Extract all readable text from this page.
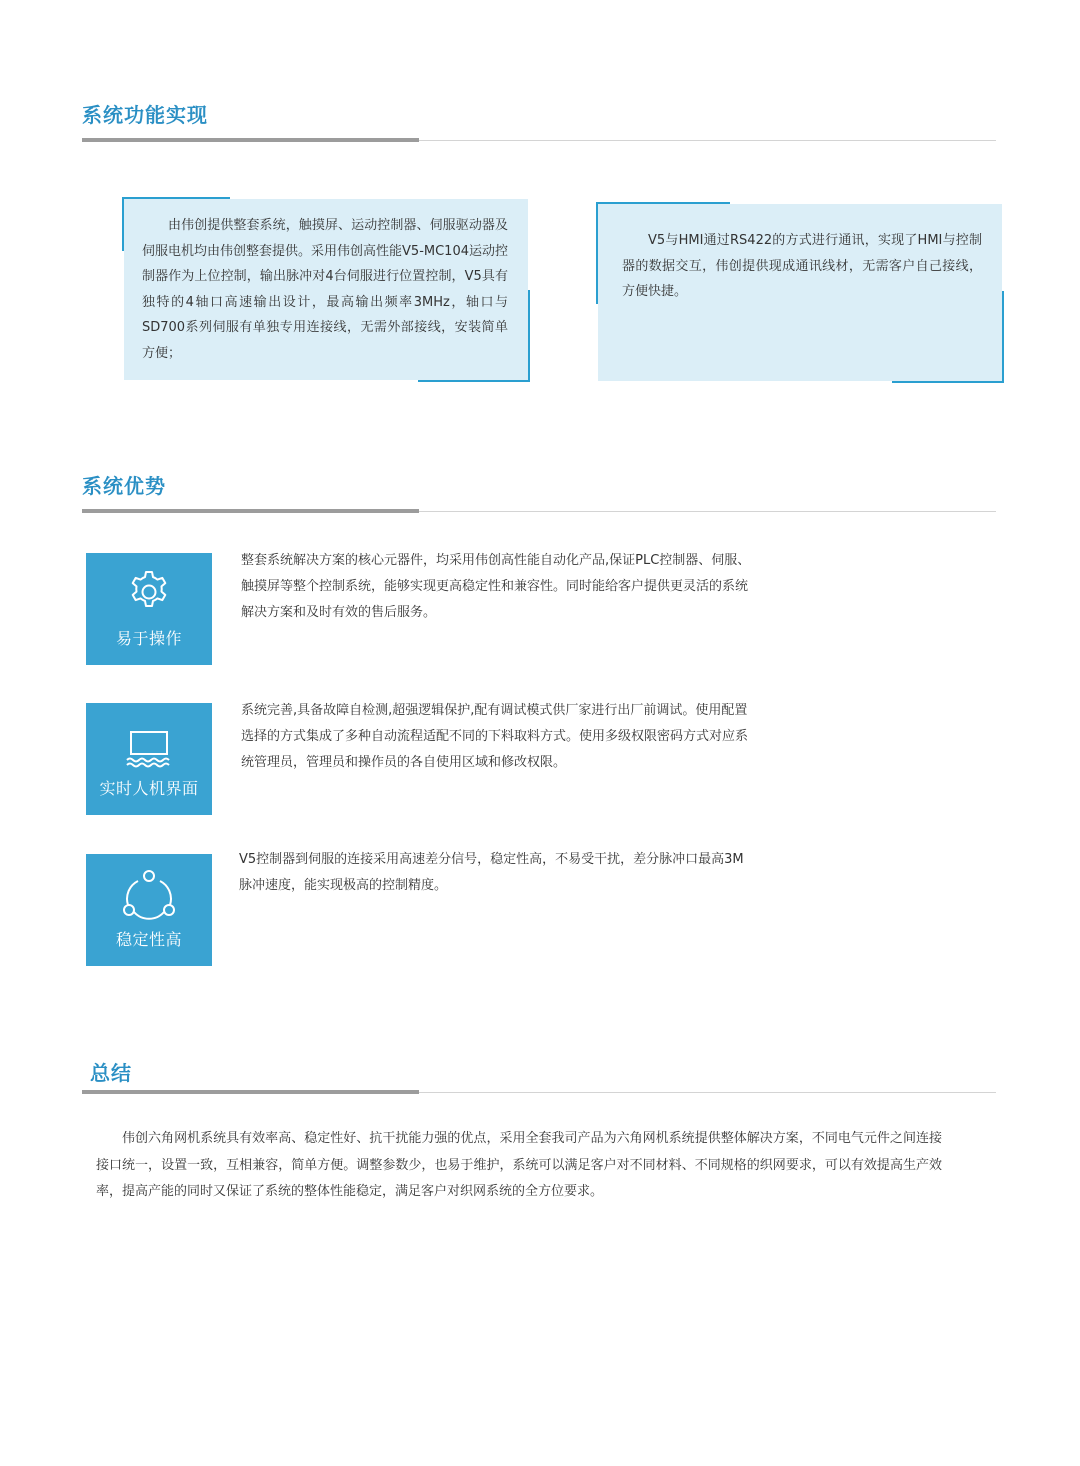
系统功能实现

由伟创提供整套系统，触摸屏、运动控制器、伺服驱动器及伺服电机均由伟创整套提供。采用伟创高性能V5-MC104运动控制器作为上位控制，输出脉冲对4台伺服进行位置控制，V5具有独特的4轴口高速输出设计，最高输出频率3MHz，轴口与SD700系列伺服有单独专用连接线，无需外部接线，安装简单方便；

V5与HMI通过RS422的方式进行通讯，实现了HMI与控制器的数据交互，伟创提供现成通讯线材，无需客户自己接线，方便快捷。

系统优势
易于操作

整套系统解决方案的核心元器件，均采用伟创高性能自动化产品,保证PLC控制器、伺服、触摸屏等整个控制系统，能够实现更高稳定性和兼容性。同时能给客户提供更灵活的系统解决方案和及时有效的售后服务。

实时人机界面

系统完善,具备故障自检测,超强逻辑保护,配有调试模式供厂家进行出厂前调试。使用配置选择的方式集成了多种自动流程适配不同的下料取料方式。使用多级权限密码方式对应系统管理员，管理员和操作员的各自使用区域和修改权限。

稳定性高

V5控制器到伺服的连接采用高速差分信号，稳定性高，不易受干扰，差分脉冲口最高3M脉冲速度，能实现极高的控制精度。

总结

伟创六角网机系统具有效率高、稳定性好、抗干扰能力强的优点，采用全套我司产品为六角网机系统提供整体解决方案，不同电气元件之间连接接口统一，设置一致，互相兼容，简单方便。调整参数少，也易于维护，系统可以满足客户对不同材料、不同规格的织网要求，可以有效提高生产效率，提高产能的同时又保证了系统的整体性能稳定，满足客户对织网系统的全方位要求。
